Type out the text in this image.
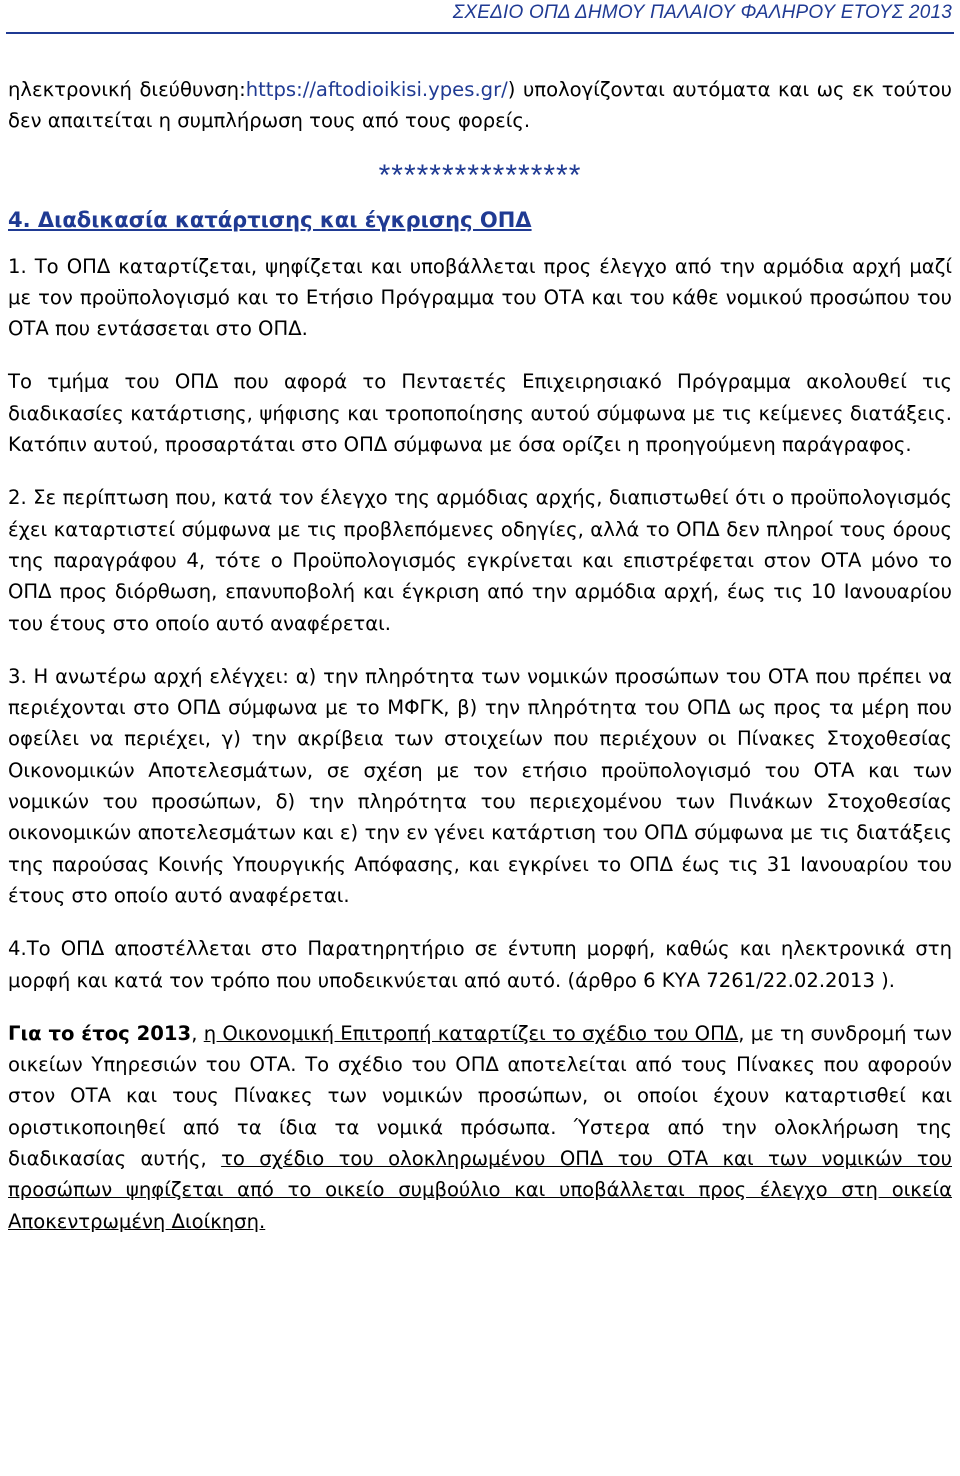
ΣΧΕΔΙΟ ΟΠΔ ΔΗΜΟΥ ΠΑΛΑΙΟΥ ΦΑΛΗΡΟΥ ΕΤΟΥΣ 2013

ηλεκτρονική διεύθυνση:https://aftodioikisi.ypes.gr/) υπολογίζονται αυτόματα και ως εκ τούτου δεν απαιτείται η συμπλήρωση τους από τους φορείς.

****************
4. Διαδικασία κατάρτισης και έγκρισης ΟΠΔ

1. Το ΟΠΔ καταρτίζεται, ψηφίζεται και υποβάλλεται προς έλεγχο από την αρμόδια αρχή μαζί με τον προϋπολογισμό και το Ετήσιο Πρόγραμμα του ΟΤΑ και του κάθε νομικού προσώπου του ΟΤΑ που εντάσσεται στο ΟΠΔ.

Το τμήμα του ΟΠΔ που αφορά το Πενταετές Επιχειρησιακό Πρόγραμμα ακολουθεί τις διαδικασίες κατάρτισης, ψήφισης και τροποποίησης αυτού σύμφωνα με τις κείμενες διατάξεις. Κατόπιν αυτού, προσαρτάται στο ΟΠΔ σύμφωνα με όσα ορίζει η προηγούμενη παράγραφος.

2. Σε περίπτωση που, κατά τον έλεγχο της αρμόδιας αρχής, διαπιστωθεί ότι ο προϋπολογισμός έχει καταρτιστεί σύμφωνα με τις προβλεπόμενες οδηγίες, αλλά το ΟΠΔ δεν πληροί τους όρους της παραγράφου 4, τότε ο Προϋπολογισμός εγκρίνεται και επιστρέφεται στον ΟΤΑ μόνο το ΟΠΔ προς διόρθωση, επανυποβολή και έγκριση από την αρμόδια αρχή, έως τις 10 Ιανουαρίου του έτους στο οποίο αυτό αναφέρεται.

3. Η ανωτέρω αρχή ελέγχει: α) την πληρότητα των νομικών προσώπων του ΟΤΑ που πρέπει να περιέχονται στο ΟΠΔ σύμφωνα με το ΜΦΓΚ, β) την πληρότητα του ΟΠΔ ως προς τα μέρη που οφείλει να περιέχει, γ) την ακρίβεια των στοιχείων που περιέχουν οι Πίνακες Στοχοθεσίας Οικονομικών Αποτελεσμάτων, σε σχέση με τον ετήσιο προϋπολογισμό του ΟΤΑ και των νομικών του προσώπων, δ) την πληρότητα του περιεχομένου των Πινάκων Στοχοθεσίας οικονομικών αποτελεσμάτων και ε) την εν γένει κατάρτιση του ΟΠΔ σύμφωνα με τις διατάξεις της παρούσας Κοινής Υπουργικής Απόφασης, και εγκρίνει το ΟΠΔ έως τις 31 Ιανουαρίου του έτους στο οποίο αυτό αναφέρεται.

4.Το ΟΠΔ αποστέλλεται στο Παρατηρητήριο σε έντυπη μορφή, καθώς και ηλεκτρονικά στη μορφή και κατά τον τρόπο που υποδεικνύεται από αυτό. (άρθρο 6 ΚΥΑ 7261/22.02.2013 ).

Για το έτος 2013, η Οικονομική Επιτροπή καταρτίζει το σχέδιο του ΟΠΔ, με τη συνδρομή των οικείων Υπηρεσιών του ΟΤΑ. Το σχέδιο του ΟΠΔ αποτελείται από τους Πίνακες που αφορούν στον ΟΤΑ και τους Πίνακες των νομικών προσώπων, οι οποίοι έχουν καταρτισθεί και οριστικοποιηθεί από τα ίδια τα νομικά πρόσωπα. Ύστερα από την ολοκλήρωση της διαδικασίας αυτής, το σχέδιο του ολοκληρωμένου ΟΠΔ του ΟΤΑ και των νομικών του προσώπων ψηφίζεται από το οικείο συμβούλιο και υποβάλλεται προς έλεγχο στη οικεία Αποκεντρωμένη Διοίκηση.
